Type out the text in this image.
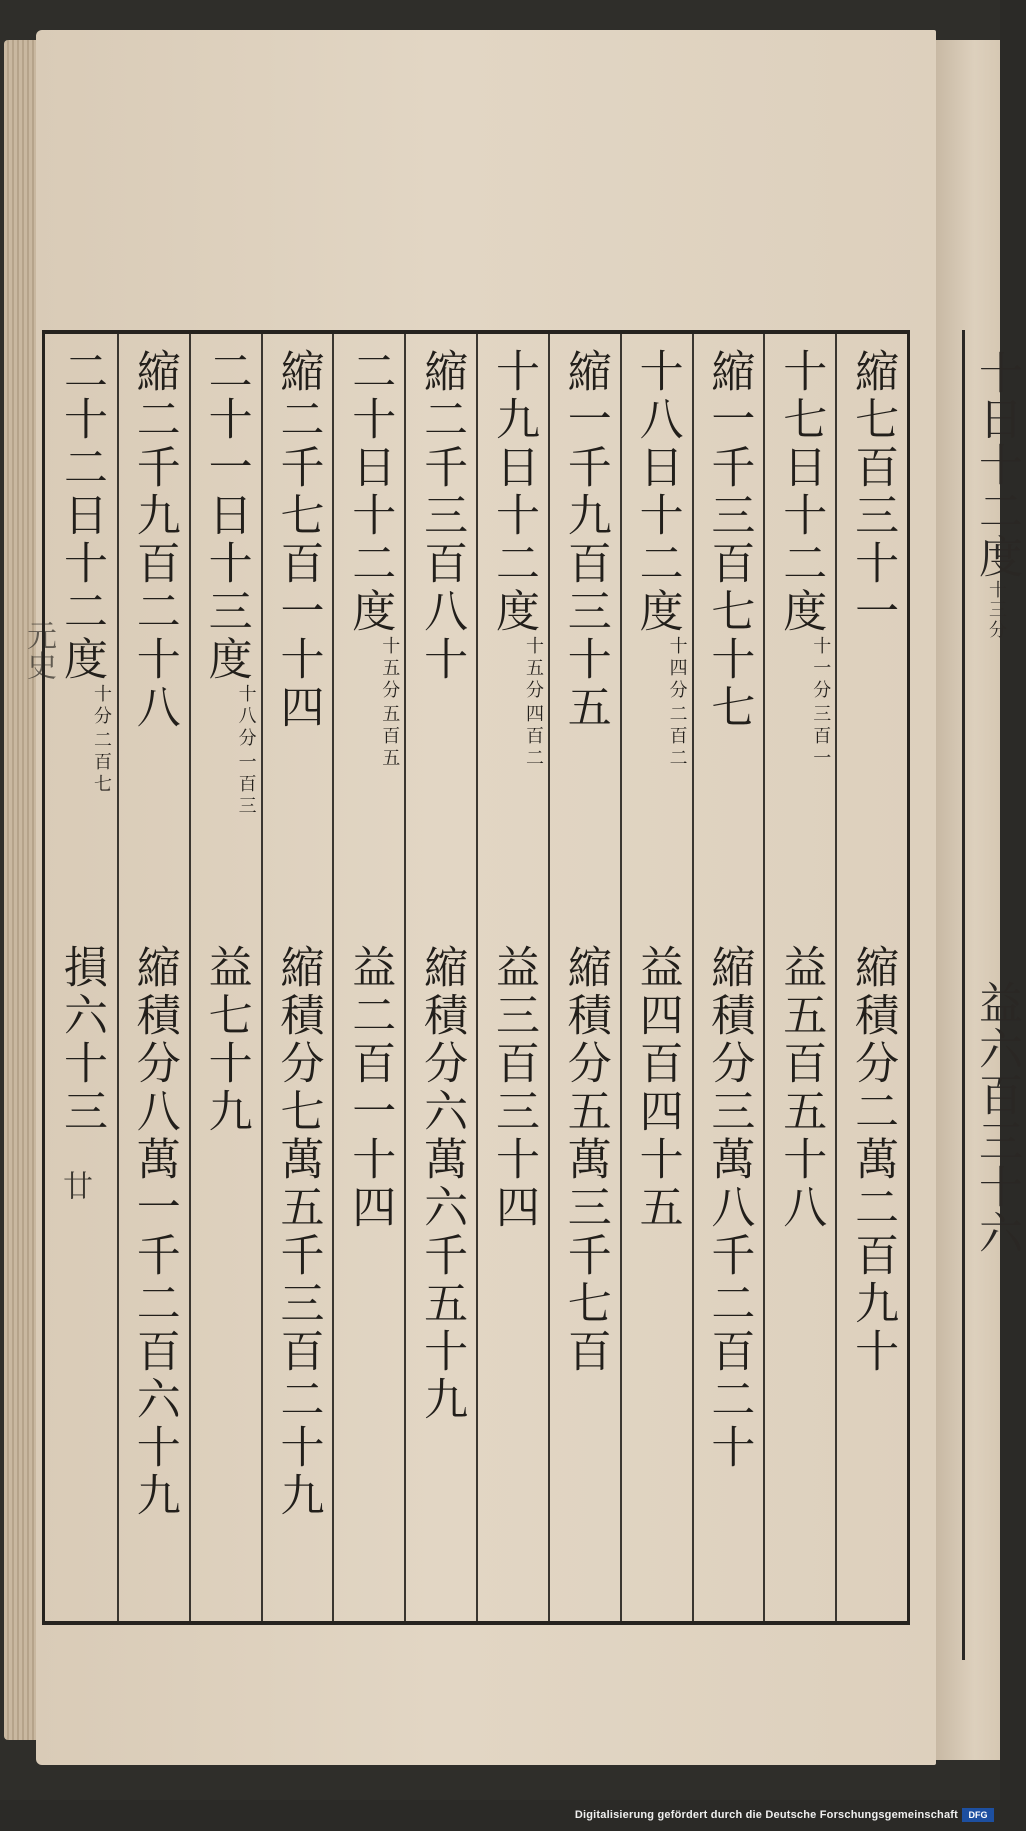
十日十二度十三分
益六百三十六
元史
縮七百三十一
縮積分二萬二百九十
十七日十二度
十一分
三百一
益五百五十八
縮一千三百七十七
縮積分三萬八千二百二十
十八日十二度
十四分
二百二
益四百四十五
縮一千九百三十五
縮積分五萬三千七百
十九日十二度
十五分
四百二
益三百三十四
縮二千三百八十
縮積分六萬六千五十九
二十日十二度
十五分
五百五
益二百一十四
縮二千七百一十四
縮積分七萬五千三百二十九
二十一日十三度
十八分
一百三
益七十九
縮二千九百二十八
縮積分八萬一千二百六十九
二十二日十二度
十分
二百七
損六十三
廿
Digitalisierung gefördert durch die Deutsche Forschungsgemeinschaft	DFG
